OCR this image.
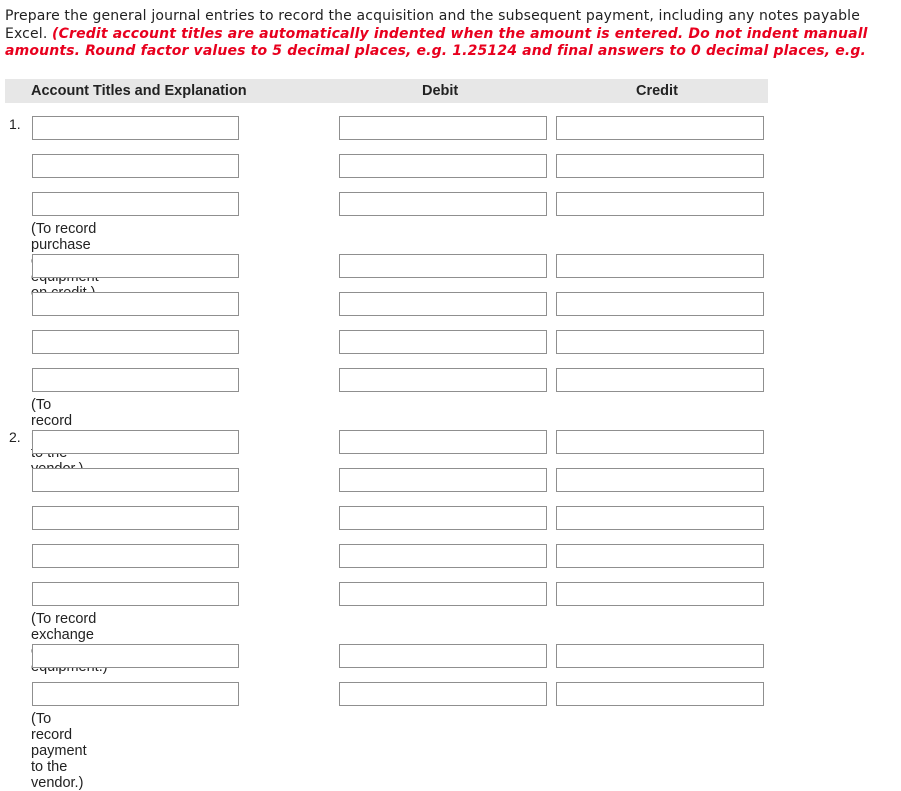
Prepare the general journal entries to record the acquisition and the subsequent payment, including any notes payable
Excel. (Credit account titles are automatically indented when the amount is entered. Do not indent manuall
amounts. Round factor values to 5 decimal places, e.g. 1.25124 and final answers to 0 decimal places, e.g.
Account Titles and Explanation	Debit	Credit
1.
(To record purchase
(To record
2.
(To record exchange
(To record payment to the vendor.)
